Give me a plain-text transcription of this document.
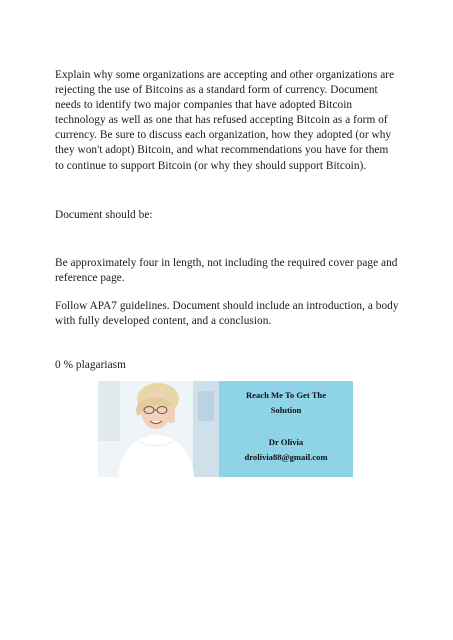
Explain why some organizations are accepting and other organizations are rejecting the use of Bitcoins as a standard form of currency. Document needs to identify two major companies that have adopted Bitcoin technology as well as one that has refused accepting Bitcoin as a form of currency. Be sure to discuss each organization, how they adopted (or why they won't adopt) Bitcoin, and what recommendations you have for them to continue to support Bitcoin (or why they should support Bitcoin).

Document should be:

Be approximately four in length, not including the required cover page and reference page.

Follow APA7 guidelines. Document should include an introduction, a body with fully developed content, and a conclusion.

0 % plagariasm

Reach Me To Get The
Solution
Dr Olivia
drolivia88@gmail.com
